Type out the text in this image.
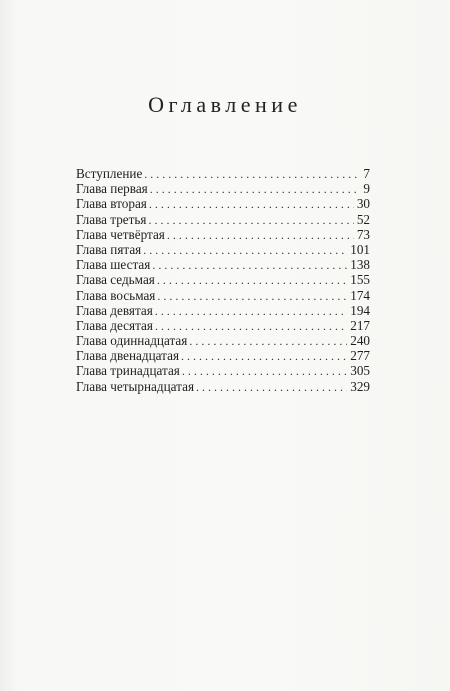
Оглавление
Вступление . . .	7
Глава первая . . .	9
Глава вторая . . .	30
Глава третья . . .	52
Глава четвёртая . . .	73
Глава пятая . . .	101
Глава шестая . . .	138
Глава седьмая . . .	155
Глава восьмая . . .	174
Глава девятая . . .	194
Глава десятая . . .	217
Глава одиннадцатая . . .	240
Глава двенадцатая . . .	277
Глава тринадцатая . . .	305
Глава четырнадцатая . . .	329
